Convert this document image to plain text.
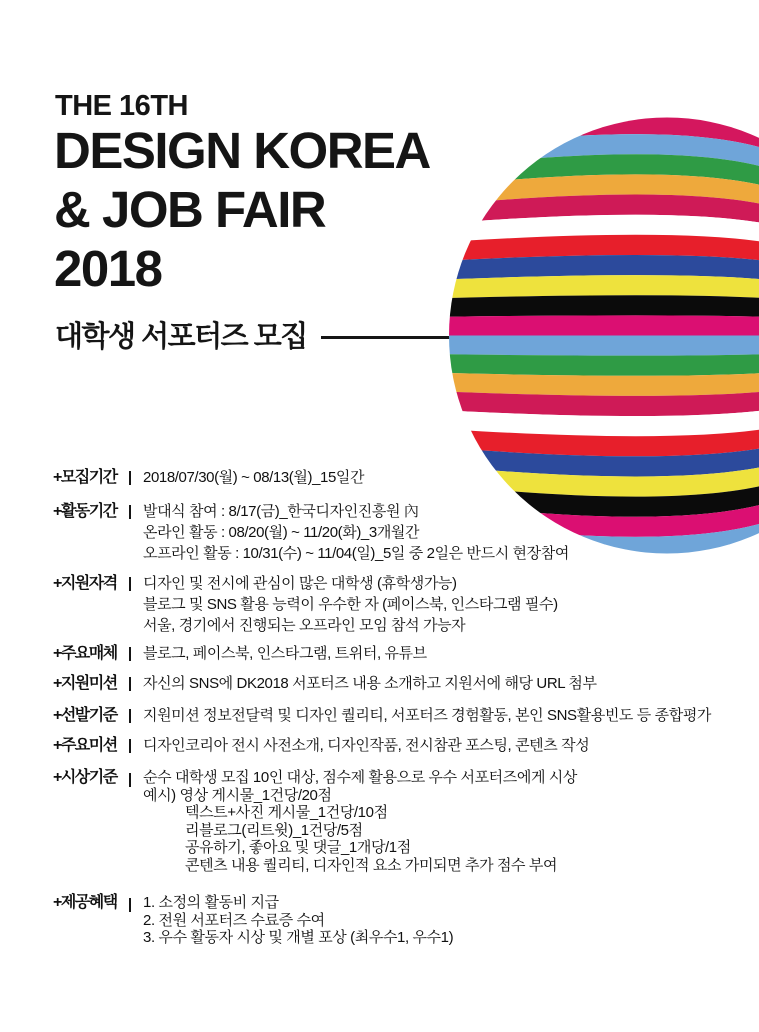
THE 16TH
DESIGN KOREA
& JOB FAIR
2018
대학생 서포터즈 모집
+모집기간	2018/07/30(월) ~ 08/13(월)_15일간
+활동기간	발대식 참여 : 8/17(금)_한국디자인진흥원 內
온라인 활동 : 08/20(월) ~ 11/20(화)_3개월간
오프라인 활동 : 10/31(수) ~ 11/04(일)_5일 중 2일은 반드시 현장참여
+지원자격	디자인 및 전시에 관심이 많은 대학생 (휴학생가능)
블로그 및 SNS 활용 능력이 우수한 자 (페이스북, 인스타그램 필수)
서울, 경기에서 진행되는 오프라인 모임 참석 가능자
+주요매체	블로그, 페이스북, 인스타그램, 트위터, 유튜브
+지원미션	자신의 SNS에 DK2018 서포터즈 내용 소개하고 지원서에 해당 URL 첨부
+선발기준	지원미션 정보전달력 및 디자인 퀄리티, 서포터즈 경험활동, 본인 SNS활용빈도 등 종합평가
+주요미션	디자인코리아 전시 사전소개, 디자인작품, 전시참관 포스팅, 콘텐츠 작성
+시상기준	순수 대학생 모집 10인 대상, 점수제 활용으로 우수 서포터즈에게 시상
예시) 영상 게시물_1건당/20점
텍스트+사진 게시물_1건당/10점
리블로그(리트윗)_1건당/5점
공유하기, 좋아요 및 댓글_1개당/1점
콘텐츠 내용 퀄리티, 디자인적 요소 가미되면 추가 점수 부여
+제공혜택	1. 소정의 활동비 지급
2. 전원 서포터즈 수료증 수여
3. 우수 활동자 시상 및 개별 포상 (최우수1, 우수1)
